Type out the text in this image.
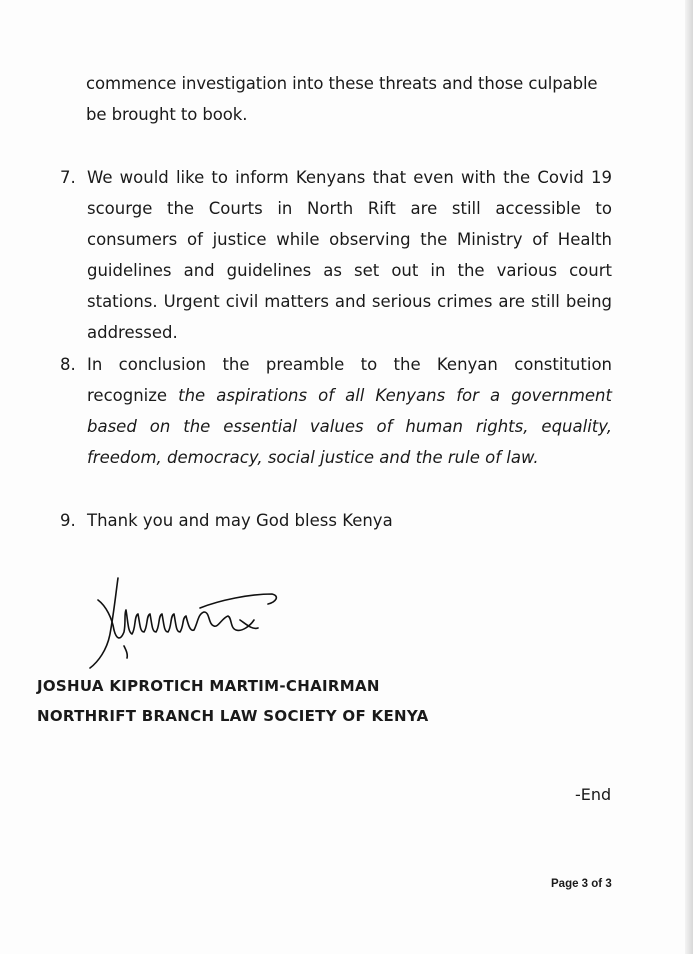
commence investigation into these threats and those culpable be brought to book.

7. We would like to inform Kenyans that even with the Covid 19 scourge the Courts in North Rift are still accessible to consumers of justice while observing the Ministry of Health guidelines and guidelines as set out in the various court stations. Urgent civil matters and serious crimes are still being addressed.

8. In conclusion the preamble to the Kenyan constitution recognize the aspirations of all Kenyans for a government based on the essential values of human rights, equality, freedom, democracy, social justice and the rule of law.

9. Thank you and may God bless Kenya

JOSHUA KIPROTICH MARTIM-CHAIRMAN

NORTHRIFT BRANCH LAW SOCIETY OF KENYA

-End

Page 3 of 3
